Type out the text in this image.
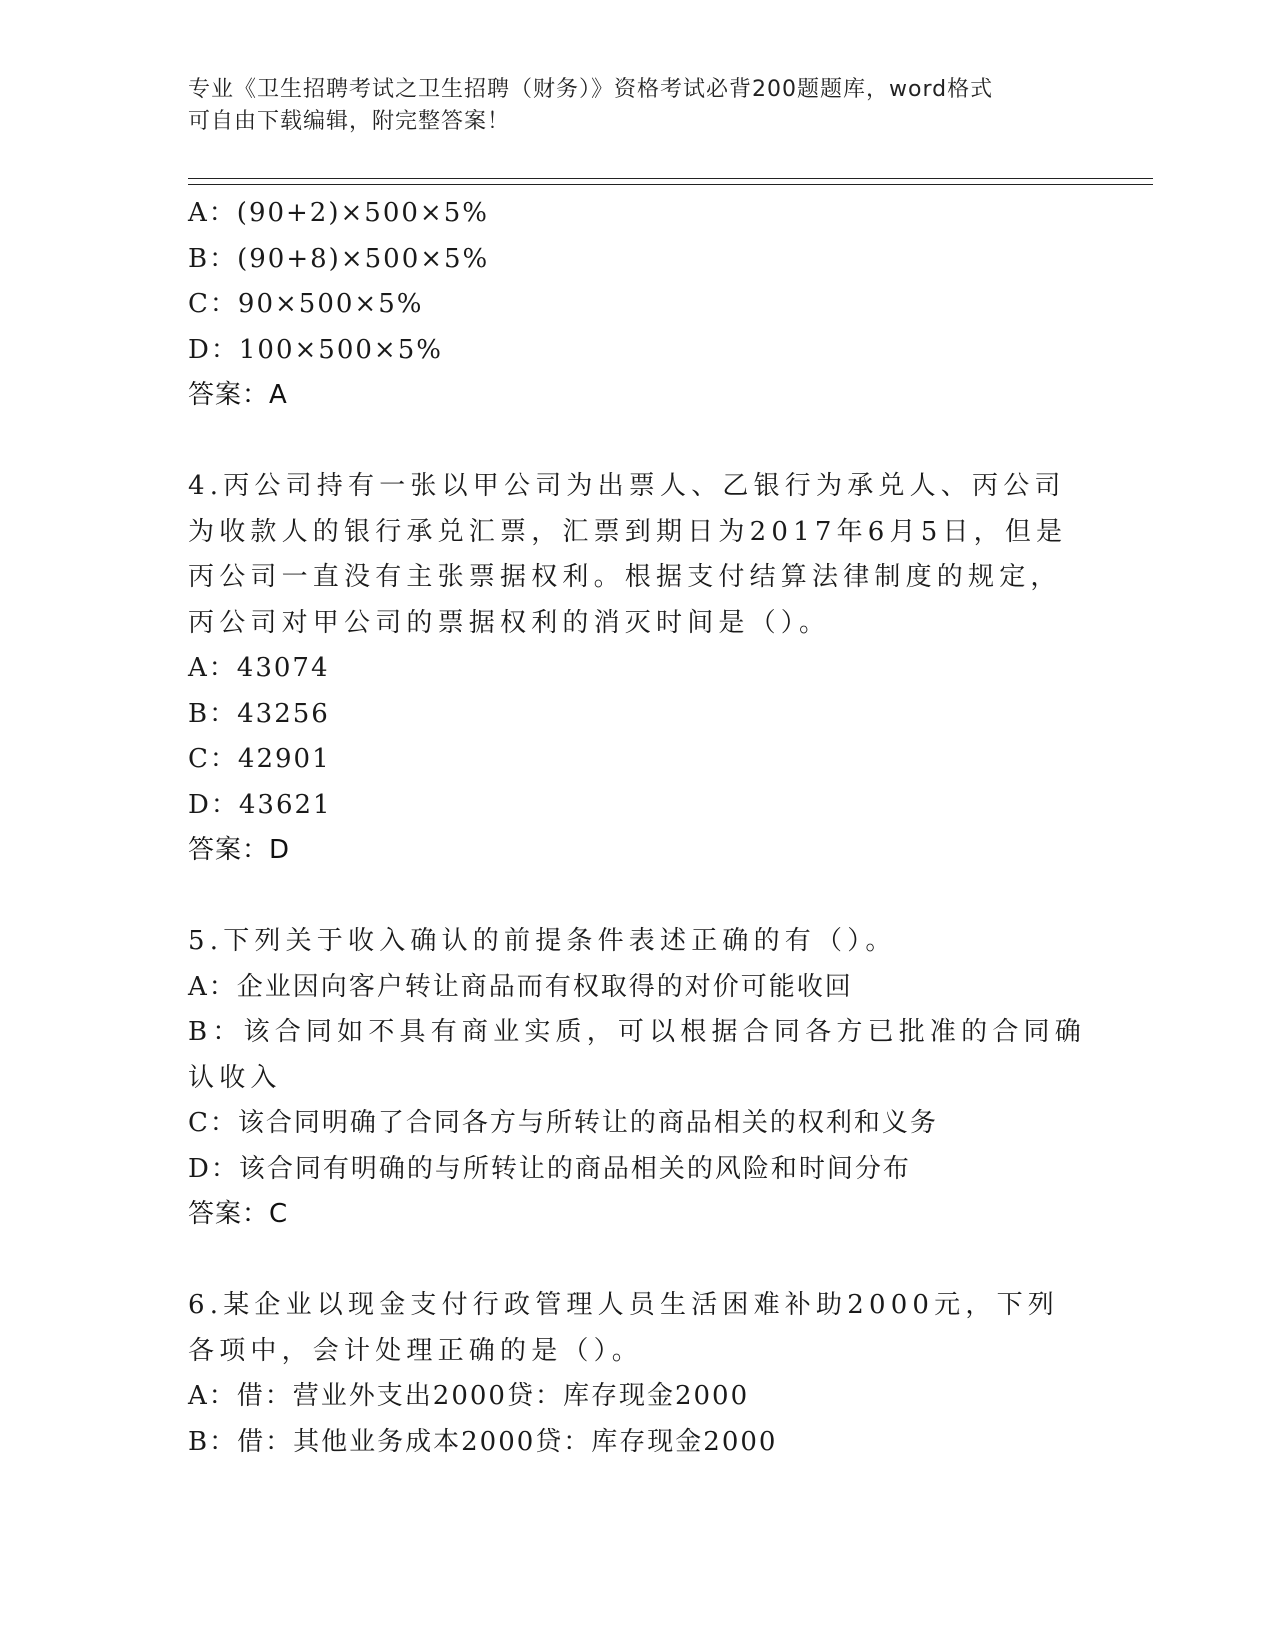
专业《卫生招聘考试之卫生招聘（财务）》资格考试必背200题题库，word格式
可自由下载编辑，附完整答案！
A：(90+2)×500×5%
B：(90+8)×500×5%
C：90×500×5%
D：100×500×5%
答案：A
4.丙公司持有一张以甲公司为出票人、乙银行为承兑人、丙公司为收款人的银行承兑汇票，汇票到期日为2017年6月5日，但是丙公司一直没有主张票据权利。根据支付结算法律制度的规定，丙公司对甲公司的票据权利的消灭时间是（）。
A：43074
B：43256
C：42901
D：43621
答案：D
5.下列关于收入确认的前提条件表述正确的有（）。
A：企业因向客户转让商品而有权取得的对价可能收回
B：该合同如不具有商业实质，可以根据合同各方已批准的合同确认收入
C：该合同明确了合同各方与所转让的商品相关的权利和义务
D：该合同有明确的与所转让的商品相关的风险和时间分布
答案：C
6.某企业以现金支付行政管理人员生活困难补助2000元，下列各项中，会计处理正确的是（）。
A：借：营业外支出2000贷：库存现金2000
B：借：其他业务成本2000贷：库存现金2000
